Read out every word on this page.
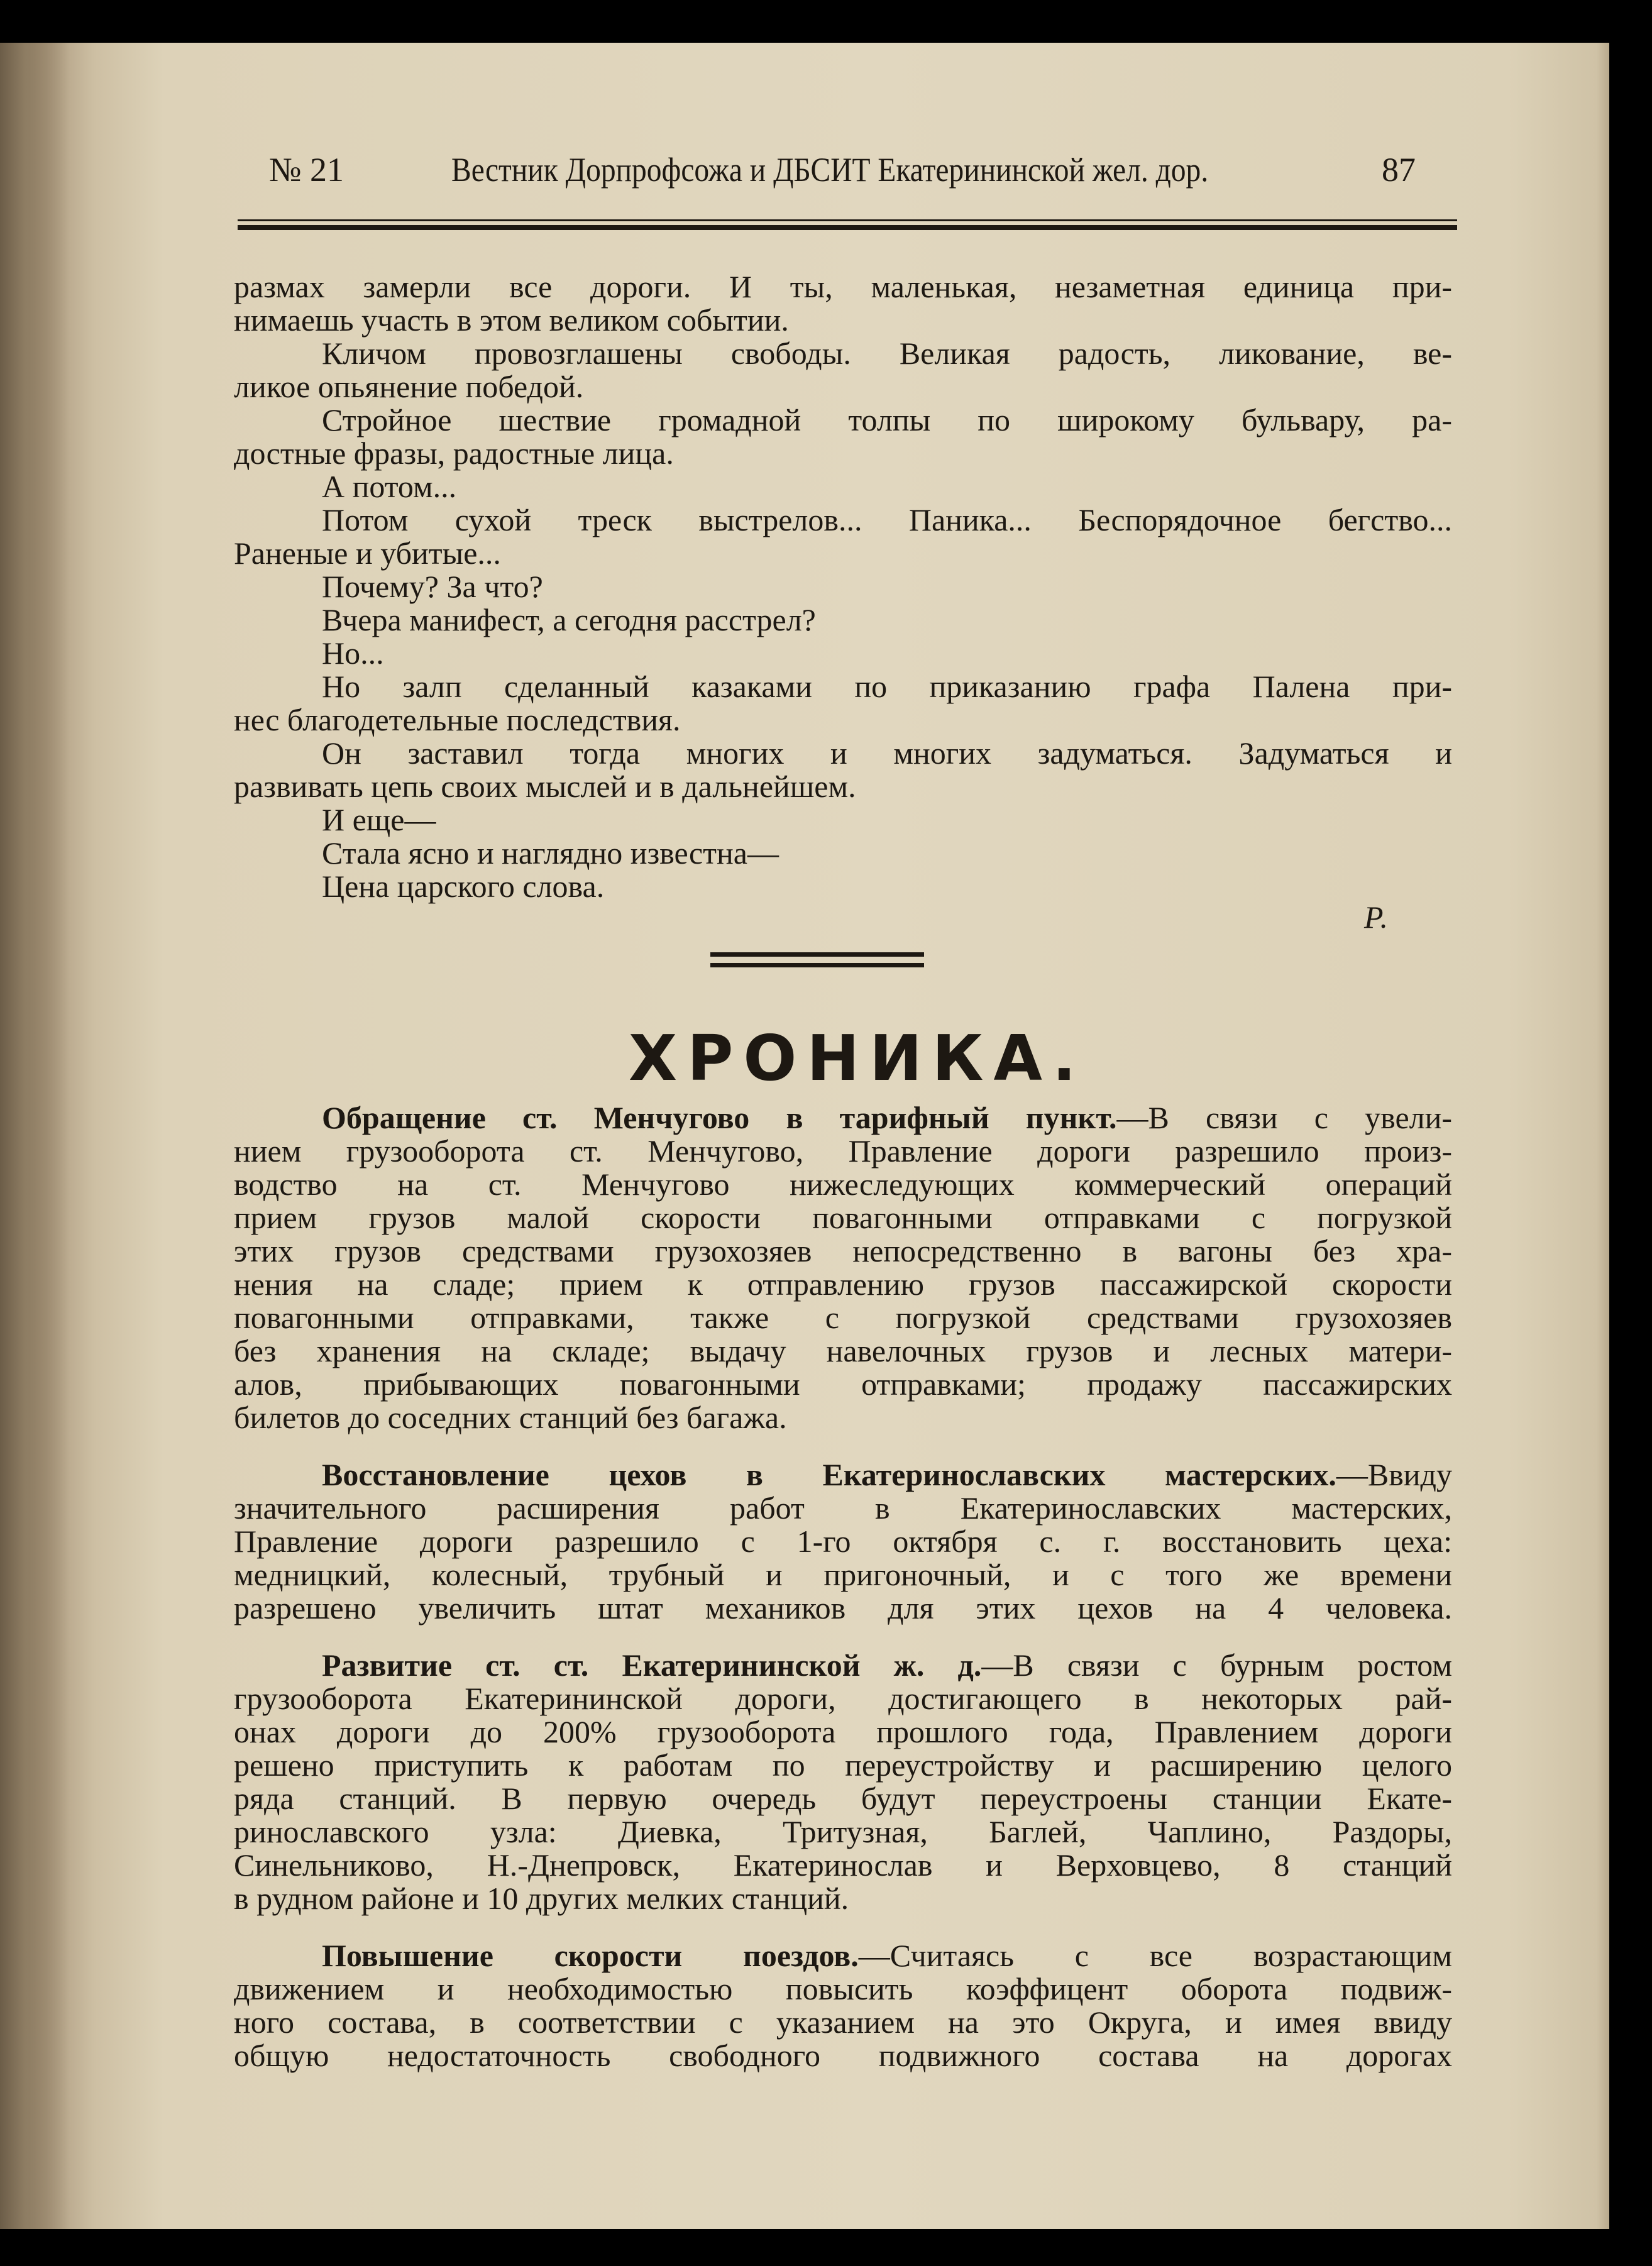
№ 21	Вестник Дорпрофсожа и ДБСИТ Екатерининской жел. дор.	87
размах замерли все дороги. И ты, маленькая, незаметная единица при-
нимаешь участь в этом великом событии.
Кличом провозглашены свободы. Великая радость, ликование, ве-
ликое опьянение победой.
Стройное шествие громадной толпы по широкому бульвару, ра-
достные фразы, радостные лица.
А потом...
Потом сухой треск выстрелов... Паника... Беспорядочное бегство...
Раненые и убитые...
Почему? За что?
Вчера манифест, а сегодня расстрел?
Но...
Но залп сделанный казаками по приказанию графа Палена при-
нес благодетельные последствия.
Он заставил тогда многих и многих задуматься. Задуматься и
развивать цепь своих мыслей и в дальнейшем.
И еще—
Стала ясно и наглядно известна—
Цена царского слова.
Р.
ХРОНИКА.
Обращение ст. Менчугово в тарифный пункт.—В связи с увели-
нием грузооборота ст. Менчугово, Правление дороги разрешило произ-
водство на ст. Менчугово нижеследующих коммерческий операций
прием грузов малой скорости повагонными отправками с погрузкой
этих грузов средствами грузохозяев непосредственно в вагоны без хра-
нения на сладе; прием к отправлению грузов пассажирской скорости
повагонными отправками, также с погрузкой средствами грузохозяев
без хранения на складе; выдачу навелочных грузов и лесных матери-
алов, прибывающих повагонными отправками; продажу пассажирских
билетов до соседних станций без багажа.
Восстановление цехов в Екатеринославских мастерских.—Ввиду
значительного расширения работ в Екатеринославских мастерских,
Правление дороги разрешило с 1-го октября с. г. восстановить цеха:
медницкий, колесный, трубный и пригоночный, и с того же времени
разрешено увеличить штат механиков для этих цехов на 4 человека.
Развитие ст. ст. Екатерининской ж. д.—В связи с бурным ростом
грузооборота Екатерининской дороги, достигающего в некоторых рай-
онах дороги до 200% грузооборота прошлого года, Правлением дороги
решено приступить к работам по переустройству и расширению целого
ряда станций. В первую очередь будут переустроены станции Екате-
ринославского узла: Диевка, Тритузная, Баглей, Чаплино, Раздоры,
Синельниково, Н.-Днепровск, Екатеринослав и Верховцево, 8 станций
в рудном районе и 10 других мелких станций.
Повышение скорости поездов.—Считаясь с все возрастающим
движением и необходимостью повысить коэффицент оборота подвиж-
ного состава, в соответствии с указанием на это Округа, и имея ввиду
общую недостаточность свободного подвижного состава на дорогах
